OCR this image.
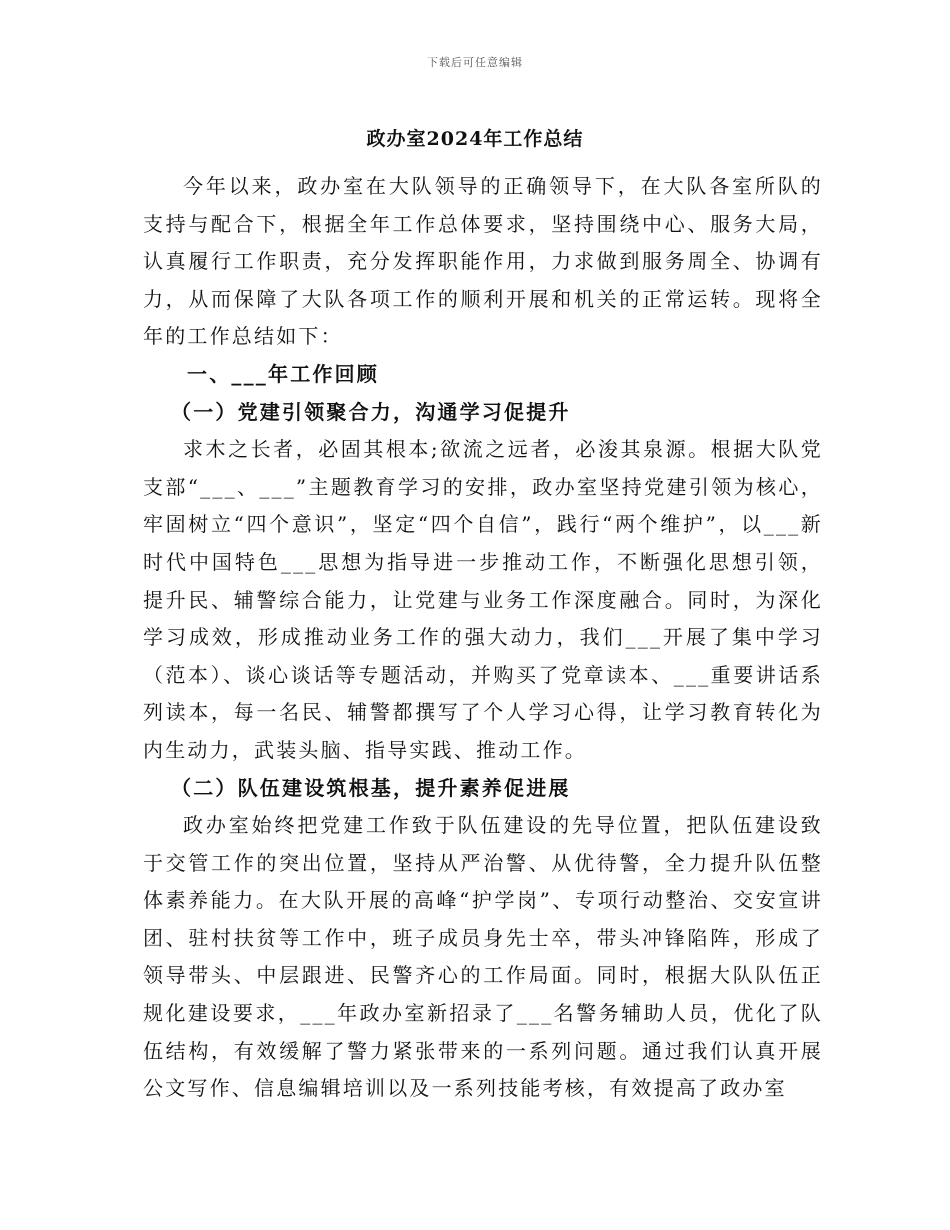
下载后可任意编辑
政办室2024年工作总结

今年以来，政办室在大队领导的正确领导下，在大队各室所队的支持与配合下，根据全年工作总体要求，坚持围绕中心、服务大局，认真履行工作职责，充分发挥职能作用，力求做到服务周全、协调有力，从而保障了大队各项工作的顺利开展和机关的正常运转。现将全年的工作总结如下：

一、___年工作回顾

（一）党建引领聚合力，沟通学习促提升

求木之长者，必固其根本;欲流之远者，必浚其泉源。根据大队党支部“___、___”主题教育学习的安排，政办室坚持党建引领为核心，牢固树立“四个意识”，坚定“四个自信”，践行“两个维护”，以___新时代中国特色___思想为指导进一步推动工作，不断强化思想引领，提升民、辅警综合能力，让党建与业务工作深度融合。同时，为深化学习成效，形成推动业务工作的强大动力，我们___开展了集中学习（范本）、谈心谈话等专题活动，并购买了党章读本、___重要讲话系列读本，每一名民、辅警都撰写了个人学习心得，让学习教育转化为内生动力，武装头脑、指导实践、推动工作。

（二）队伍建设筑根基，提升素养促进展

政办室始终把党建工作致于队伍建设的先导位置，把队伍建设致于交管工作的突出位置，坚持从严治警、从优待警，全力提升队伍整体素养能力。在大队开展的高峰“护学岗”、专项行动整治、交安宣讲团、驻村扶贫等工作中，班子成员身先士卒，带头冲锋陷阵，形成了领导带头、中层跟进、民警齐心的工作局面。同时，根据大队队伍正规化建设要求，___年政办室新招录了___名警务辅助人员，优化了队伍结构，有效缓解了警力紧张带来的一系列问题。通过我们认真开展公文写作、信息编辑培训以及一系列技能考核，有效提高了政办室
